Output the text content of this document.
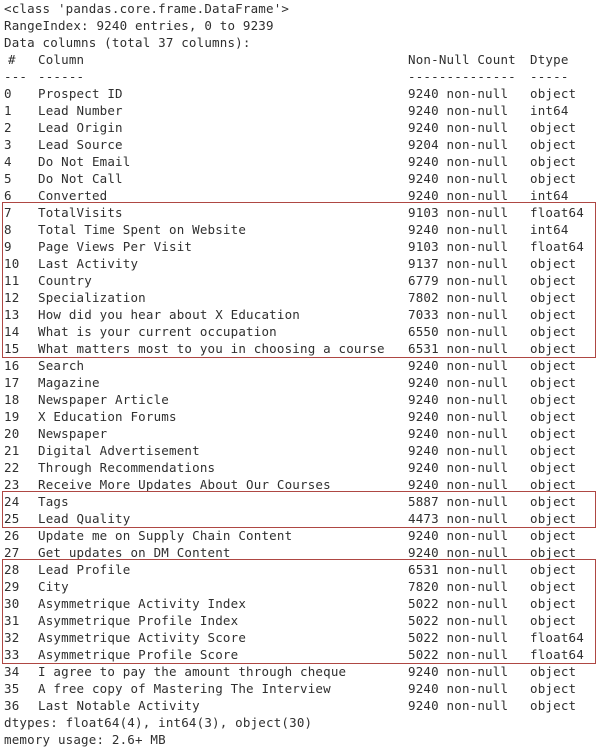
<class 'pandas.core.frame.DataFrame'>
RangeIndex: 9240 entries, 0 to 9239
Data columns (total 37 columns):
#	Column	Non-Null Count	Dtype
--- ------	--------------	-----
0	Prospect ID	9240 non-null	object
1	Lead Number	9240 non-null	int64
2	Lead Origin	9240 non-null	object
3	Lead Source	9204 non-null	object
4	Do Not Email	9240 non-null	object
5	Do Not Call	9240 non-null	object
6	Converted	9240 non-null	int64
7	TotalVisits	9103 non-null	float64
8	Total Time Spent on Website	9240 non-null	int64
9	Page Views Per Visit	9103 non-null	float64
10	Last Activity	9137 non-null	object
11	Country	6779 non-null	object
12	Specialization	7802 non-null	object
13	How did you hear about X Education	7033 non-null	object
14	What is your current occupation	6550 non-null	object
15	What matters most to you in choosing a course	6531 non-null	object
16	Search	9240 non-null	object
17	Magazine	9240 non-null	object
18	Newspaper Article	9240 non-null	object
19	X Education Forums	9240 non-null	object
20	Newspaper	9240 non-null	object
21	Digital Advertisement	9240 non-null	object
22	Through Recommendations	9240 non-null	object
23	Receive More Updates About Our Courses	9240 non-null	object
24	Tags	5887 non-null	object
25	Lead Quality	4473 non-null	object
26	Update me on Supply Chain Content	9240 non-null	object
27	Get updates on DM Content	9240 non-null	object
28	Lead Profile	6531 non-null	object
29	City	7820 non-null	object
30	Asymmetrique Activity Index	5022 non-null	object
31	Asymmetrique Profile Index	5022 non-null	object
32	Asymmetrique Activity Score	5022 non-null	float64
33	Asymmetrique Profile Score	5022 non-null	float64
34	I agree to pay the amount through cheque	9240 non-null	object
35	A free copy of Mastering The Interview	9240 non-null	object
36	Last Notable Activity	9240 non-null	object
dtypes: float64(4), int64(3), object(30)
memory usage: 2.6+ MB
